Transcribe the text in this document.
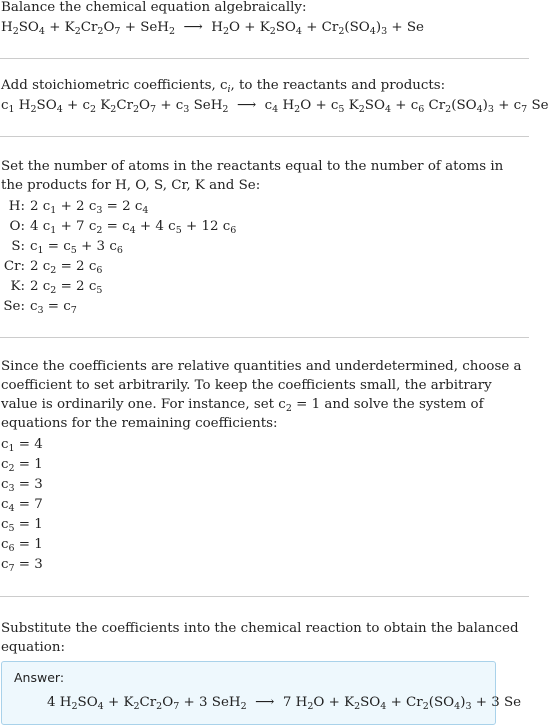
Balance the chemical equation algebraically:
$H_2SO_4 + K_2Cr_2O_7 + SeH_2$  ⟶  $H_2O + K_2SO_4 + Cr_2(SO_4)_3 + Se$
Add stoichiometric coefficients, $c_i$, to the reactants and products:
$c_1$ $H_2SO_4 + c_2$ $K_2Cr_2O_7 + c_3$ SeH$_2$  ⟶  $c_4$ $H_2O + c_5$ $K_2SO_4 + c_6$ $Cr_2(SO_4)_3 + c_7$ Se
Set the number of atoms in the reactants equal to the number of atoms in the products for H, O, S, Cr, K and Se:
H: 2 $c_1 + 2$ $c_3 = 2$ $c_4$
O: 4 $c_1 + 7$ $c_2 = c_4 + 4$ $c_5 + 12$ $c_6$
S: $c_1 = c_5 + 3$ $c_6$
Cr: 2 $c_2 = 2$ $c_6$
K: 2 $c_2 = 2$ $c_5$
Se: $c_3 = c_7$
Since the coefficients are relative quantities and underdetermined, choose a coefficient to set arbitrarily. To keep the coefficients small, the arbitrary value is ordinarily one. For instance, set $c_2 = 1$ and solve the system of equations for the remaining coefficients:
$c_1 = 4$
$c_2 = 1$
$c_3 = 3$
$c_4 = 7$
$c_5 = 1$
$c_6 = 1$
$c_7 = 3$
Substitute the coefficients into the chemical reaction to obtain the balanced equation:
Answer:
4 $H_2SO_4 + K_2Cr_2O_7 + 3$ SeH$_2$  ⟶  7 $H_2O + K_2SO_4 + Cr_2(SO_4)_3 + 3$ Se
